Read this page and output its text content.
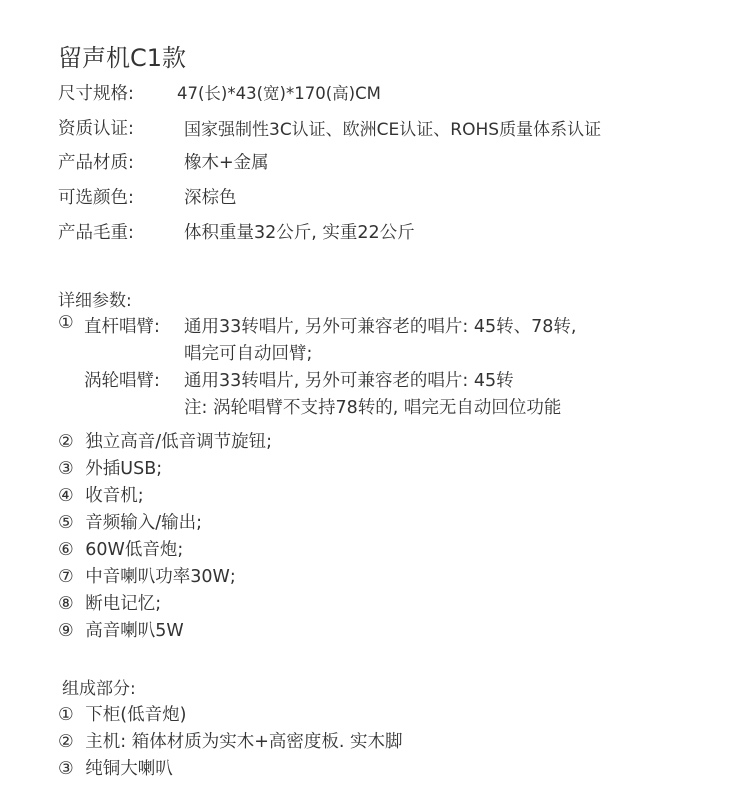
留声机C1款
尺寸规格:	47(长)*43(宽)*170(高)CM
资质认证:	国家强制性3C认证、欧洲CE认证、ROHS质量体系认证
产品材质:	橡木+金属
可选颜色:	深棕色
产品毛重:	体积重量32公斤, 实重22公斤
详细参数:
① 直杆唱臂: 通用33转唱片, 另外可兼容老的唱片: 45转、78转,
唱完可自动回臂;
涡轮唱臂: 通用33转唱片, 另外可兼容老的唱片: 45转
注: 涡轮唱臂不支持78转的, 唱完无自动回位功能
② 独立高音/低音调节旋钮;
③ 外插USB;
④ 收音机;
⑤ 音频输入/输出;
⑥ 60W低音炮;
⑦ 中音喇叭功率30W;
⑧ 断电记忆;
⑨ 高音喇叭5W
组成部分:
① 下柜(低音炮)
② 主机: 箱体材质为实木+高密度板. 实木脚
③ 纯铜大喇叭
